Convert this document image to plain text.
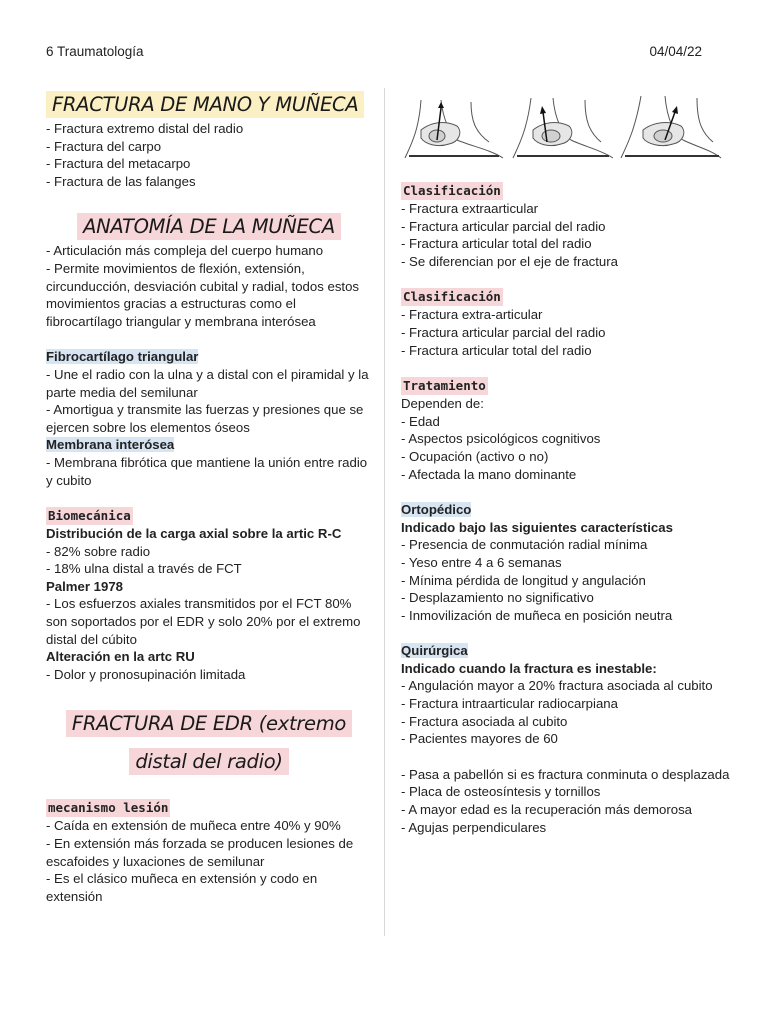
6 Traumatología	04/04/22
FRACTURA DE MANO Y MUÑECA

- Fractura extremo distal del radio

- Fractura del carpo

- Fractura del metacarpo

- Fractura de las falanges

ANATOMÍA DE LA MUÑECA

- Articulación más compleja del cuerpo humano

- Permite movimientos de flexión, extensión, circunducción, desviación cubital y radial, todos estos movimientos gracias a estructuras como el fibrocartílago triangular y membrana interósea

Fibrocartílago triangular

- Une el radio con la ulna y a distal con el piramidal y la parte media del semilunar

- Amortigua y transmite las fuerzas y presiones que se ejercen sobre los elementos óseos

Membrana interósea

- Membrana fibrótica que mantiene la unión entre radio y cubito

Biomecánica

Distribución de la carga axial sobre la artic R-C

- 82% sobre radio

- 18% ulna distal a través de FCT

Palmer 1978

- Los esfuerzos axiales transmitidos por el FCT 80% son soportados por el EDR y solo 20% por el extremo distal del cúbito

Alteración en la artc RU

- Dolor y pronosupinación limitada

FRACTURA DE EDR (extremo
distal del radio)
mecanismo lesión

- Caída en extensión de muñeca entre 40% y 90%

- En extensión más forzada se producen lesiones de escafoides y luxaciones de semilunar

- Es el clásico muñeca en extensión y codo en extensión

Clasificación

- Fractura extraarticular

- Fractura articular parcial del radio

- Fractura articular total del radio

- Se diferencian por el eje de fractura

Clasificación

- Fractura extra-articular

- Fractura articular parcial del radio

- Fractura articular total del radio

Tratamiento

Dependen de:

- Edad

- Aspectos psicológicos cognitivos

- Ocupación (activo o no)

- Afectada la mano dominante

Ortopédico

Indicado bajo las siguientes características

- Presencia de conmutación radial mínima

- Yeso entre 4 a 6 semanas

- Mínima pérdida de longitud y angulación

- Desplazamiento no significativo

- Inmovilización de muñeca en posición neutra

Quirúrgica

Indicado cuando la fractura es inestable:

- Angulación mayor a 20% fractura asociada al cubito

- Fractura intraarticular radiocarpiana

- Fractura asociada al cubito

- Pacientes mayores de 60

- Pasa a pabellón si es fractura conminuta o desplazada

- Placa de osteosíntesis y tornillos

- A mayor edad es la recuperación más demorosa

- Agujas perpendiculares
